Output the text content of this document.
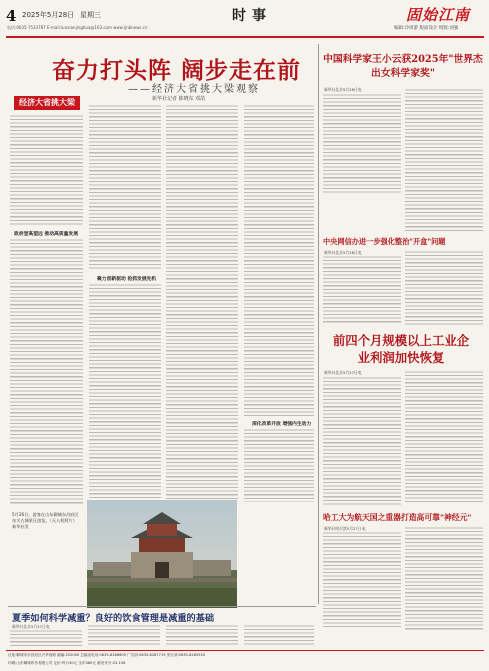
4 2025年5月28日 星期三
电话:0635-7533787 E-mail:lunxianjinghua@163.com www.ljnbnews.cn
时事	固始江南
编辑:冷周游 版面设计 组版:刘强
奋力打头阵 阔步走在前
——经济大省挑大梁观察
新华社记者 陈晓东 邓喆
经济大省挑大梁
政府登高望远 推动高质量发展
聚力创新驱动 抢抓发展先机
深化改革开放 增强内生动力
5月26日，游客在山东聊城东昌府区东关古城景区游览。（无人机照片）新华社发
中国科学家王小云获2025年"世界杰出女科学家奖"
新华社北京5月28日电
中央网信办进一步强化整治"开盒"问题
新华社北京5月28日电
前四个月规模以上工业企业利润加快恢复
新华社北京5月27日电
哈工大为航天国之重器打造高可靠"神经元"
新华社哈尔滨5月27日电
夏季如何科学减重？良好的饮食管理是减重的基础
新华社北京5月27日电
社址:聊城市东昌府区兴华西路 邮编:252000 总编室电话:0635-8286609 广告部:0635-8287719 发行部:0635-8285550
印刷:山东聊城印务有限公司 定价:每月30元 全年360元 邮发代号:23-156
